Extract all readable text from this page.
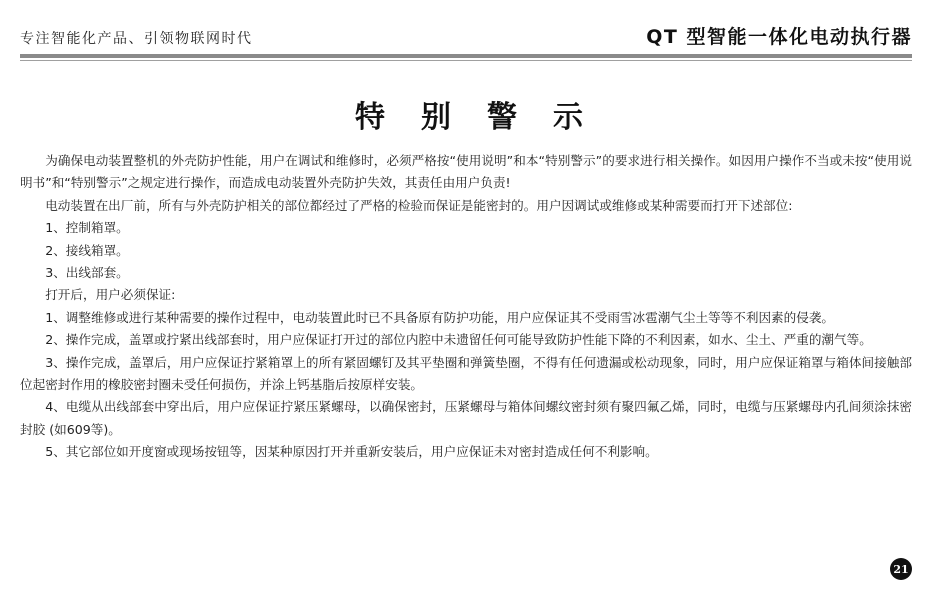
专注智能化产品、引领物联网时代	QT 型智能一体化电动执行器
特别警示

为确保电动装置整机的外壳防护性能，用户在调试和维修时，必须严格按“使用说明”和本“特别警示”的要求进行相关操作。如因用户操作不当或未按“使用说明书”和“特别警示”之规定进行操作，而造成电动装置外壳防护失效，其责任由用户负责!

电动装置在出厂前，所有与外壳防护相关的部位都经过了严格的检验而保证是能密封的。用户因调试或维修或某种需要而打开下述部位:

1、控制箱罩。

2、接线箱罩。

3、出线部套。

打开后，用户必须保证:

1、调整维修或进行某种需要的操作过程中，电动装置此时已不具备原有防护功能，用户应保证其不受雨雪冰雹潮气尘土等等不利因素的侵袭。

2、操作完成，盖罩或拧紧出线部套时，用户应保证打开过的部位内腔中未遗留任何可能导致防护性能下降的不利因素，如水、尘土、严重的潮气等。

3、操作完成，盖罩后，用户应保证拧紧箱罩上的所有紧固螺钉及其平垫圈和弹簧垫圈，不得有任何遗漏或松动现象，同时，用户应保证箱罩与箱体间接触部位起密封作用的橡胶密封圈未受任何损伤，并涂上钙基脂后按原样安装。

4、电缆从出线部套中穿出后，用户应保证拧紧压紧螺母，以确保密封，压紧螺母与箱体间螺纹密封须有聚四氟乙烯，同时，电缆与压紧螺母内孔间须涂抹密封胶 (如609等)。

5、其它部位如开度窗或现场按钮等，因某种原因打开并重新安装后，用户应保证未对密封造成任何不利影响。

21
